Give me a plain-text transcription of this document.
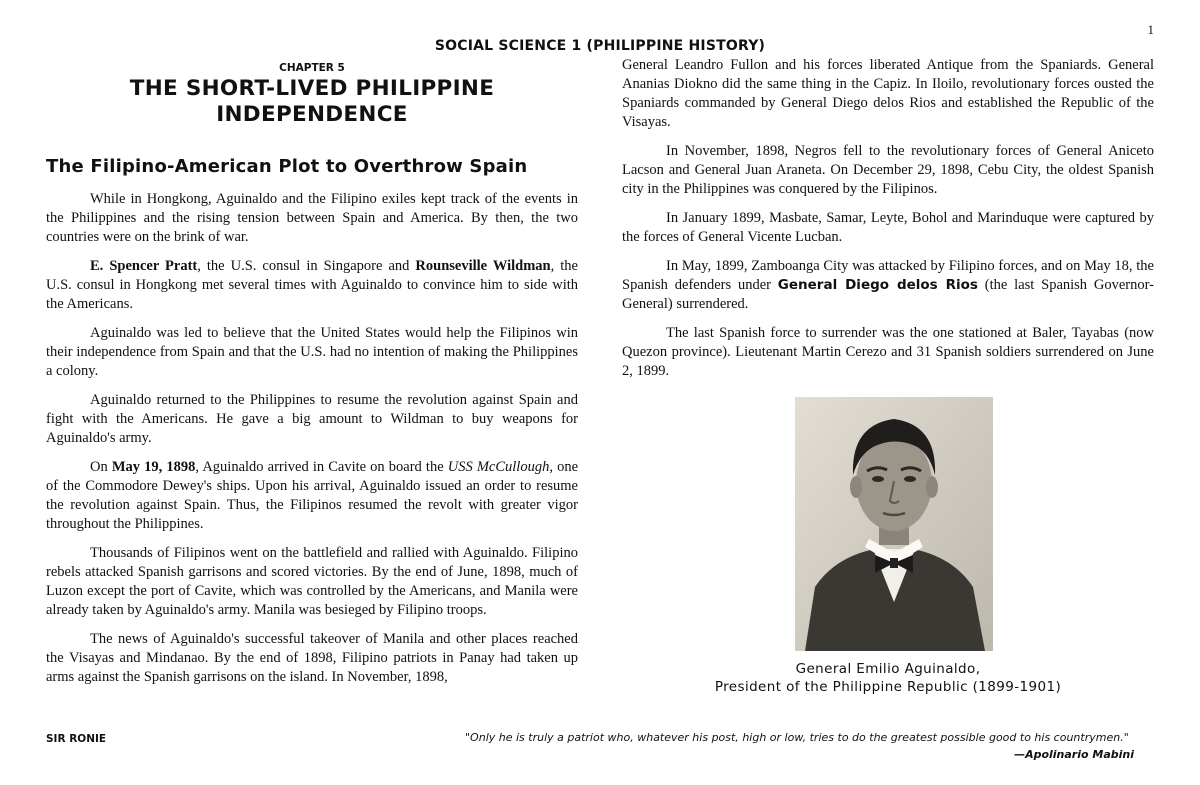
1
SOCIAL SCIENCE 1 (PHILIPPINE HISTORY)
CHAPTER 5
THE SHORT-LIVED PHILIPPINE
INDEPENDENCE
The Filipino-American Plot to Overthrow Spain

While in Hongkong, Aguinaldo and the Filipino exiles kept track of the events in the Philippines and the rising tension between Spain and America. By then, the two countries were on the brink of war.

E. Spencer Pratt, the U.S. consul in Singapore and Rounseville Wildman, the U.S. consul in Hongkong met several times with Aguinaldo to convince him to side with the Americans.

Aguinaldo was led to believe that the United States would help the Filipinos win their independence from Spain and that the U.S. had no intention of making the Philippines a colony.

Aguinaldo returned to the Philippines to resume the revolution against Spain and fight with the Americans. He gave a big amount to Wildman to buy weapons for Aguinaldo's army.

On May 19, 1898, Aguinaldo arrived in Cavite on board the USS McCullough, one of the Commodore Dewey's ships. Upon his arrival, Aguinaldo issued an order to resume the revolution against Spain. Thus, the Filipinos resumed the revolt with greater vigor throughout the Philippines.

Thousands of Filipinos went on the battlefield and rallied with Aguinaldo. Filipino rebels attacked Spanish garrisons and scored victories. By the end of June, 1898, much of Luzon except the port of Cavite, which was controlled by the Americans, and Manila were already taken by Aguinaldo's army. Manila was besieged by Filipino troops.

The news of Aguinaldo's successful takeover of Manila and other places reached the Visayas and Mindanao. By the end of 1898, Filipino patriots in Panay had taken up arms against the Spanish garrisons on the island. In November, 1898,

General Leandro Fullon and his forces liberated Antique from the Spaniards. General Ananias Diokno did the same thing in the Capiz. In Iloilo, revolutionary forces ousted the Spaniards commanded by General Diego delos Rios and established the Republic of the Visayas.

In November, 1898, Negros fell to the revolutionary forces of General Aniceto Lacson and General Juan Araneta. On December 29, 1898, Cebu City, the oldest Spanish city in the Philippines was conquered by the Filipinos.

In January 1899, Masbate, Samar, Leyte, Bohol and Marinduque were captured by the forces of General Vicente Lucban.

In May, 1899, Zamboanga City was attacked by Filipino forces, and on May 18, the Spanish defenders under General Diego delos Rios (the last Spanish Governor-General) surrendered.

The last Spanish force to surrender was the one stationed at Baler, Tayabas (now Quezon province). Lieutenant Martin Cerezo and 31 Spanish soldiers surrendered on June 2, 1899.

General Emilio Aguinaldo,
President of the Philippine Republic (1899-1901)
SIR RONIE	"Only he is truly a patriot who, whatever his post, high or low, tries to do the greatest possible good to his countrymen."
—Apolinario Mabini
